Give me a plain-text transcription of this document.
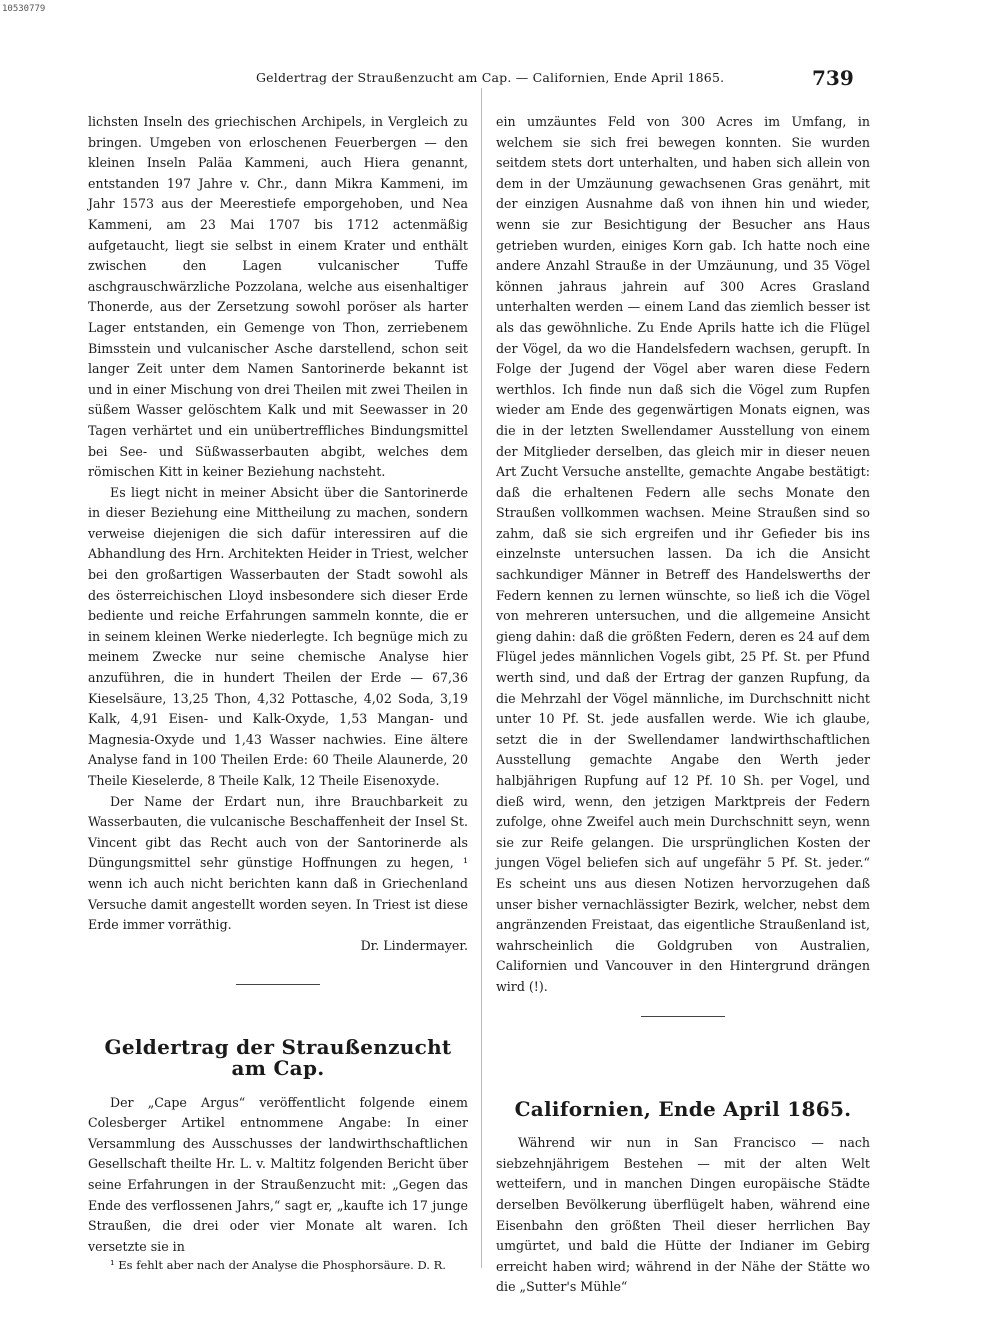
10530779
Geldertrag der Straußenzucht am Cap. — Californien, Ende April 1865.	739

lichsten Inseln des griechischen Archipels, in Vergleich zu bringen. Umgeben von erloschenen Feuerbergen — den kleinen Inseln Paläa Kammeni, auch Hiera genannt, entstanden 197 Jahre v. Chr., dann Mikra Kammeni, im Jahr 1573 aus der Meerestiefe emporgehoben, und Nea Kammeni, am 23 Mai 1707 bis 1712 actenmäßig aufgetaucht, liegt sie selbst in einem Krater und enthält zwischen den Lagen vulcanischer Tuffe aschgrauschwärzliche Pozzolana, welche aus eisenhaltiger Thonerde, aus der Zersetzung sowohl poröser als harter Lager entstanden, ein Gemenge von Thon, zerriebenem Bimsstein und vulcanischer Asche darstellend, schon seit langer Zeit unter dem Namen Santorinerde bekannt ist und in einer Mischung von drei Theilen mit zwei Theilen in süßem Wasser gelöschtem Kalk und mit Seewasser in 20 Tagen verhärtet und ein unübertreffliches Bindungsmittel bei See- und Süßwasserbauten abgibt, welches dem römischen Kitt in keiner Beziehung nachsteht.

Es liegt nicht in meiner Absicht über die Santorinerde in dieser Beziehung eine Mittheilung zu machen, sondern verweise diejenigen die sich dafür interessiren auf die Abhandlung des Hrn. Architekten Heider in Triest, welcher bei den großartigen Wasserbauten der Stadt sowohl als des österreichischen Lloyd insbesondere sich dieser Erde bediente und reiche Erfahrungen sammeln konnte, die er in seinem kleinen Werke niederlegte. Ich begnüge mich zu meinem Zwecke nur seine chemische Analyse hier anzuführen, die in hundert Theilen der Erde — 67,36 Kieselsäure, 13,25 Thon, 4,32 Pottasche, 4,02 Soda, 3,19 Kalk, 4,91 Eisen- und Kalk-Oxyde, 1,53 Mangan- und Magnesia-Oxyde und 1,43 Wasser nachwies. Eine ältere Analyse fand in 100 Theilen Erde: 60 Theile Alaunerde, 20 Theile Kieselerde, 8 Theile Kalk, 12 Theile Eisenoxyde.

Der Name der Erdart nun, ihre Brauchbarkeit zu Wasserbauten, die vulcanische Beschaffenheit der Insel St. Vincent gibt das Recht auch von der Santorinerde als Düngungsmittel sehr günstige Hoffnungen zu hegen, ¹ wenn ich auch nicht berichten kann daß in Griechenland Versuche damit angestellt worden seyen. In Triest ist diese Erde immer vorräthig.

Dr. Lindermayer.

Geldertrag der Straußenzucht am Cap.

Der „Cape Argus“ veröffentlicht folgende einem Colesberger Artikel entnommene Angabe: In einer Versammlung des Ausschusses der landwirthschaftlichen Gesellschaft theilte Hr. L. v. Maltitz folgenden Bericht über seine Erfahrungen in der Straußenzucht mit: „Gegen das Ende des verflossenen Jahrs,“ sagt er, „kaufte ich 17 junge Straußen, die drei oder vier Monate alt waren. Ich versetzte sie in

¹ Es fehlt aber nach der Analyse die Phosphorsäure. D. R.

ein umzäuntes Feld von 300 Acres im Umfang, in welchem sie sich frei bewegen konnten. Sie wurden seitdem stets dort unterhalten, und haben sich allein von dem in der Umzäunung gewachsenen Gras genährt, mit der einzigen Ausnahme daß von ihnen hin und wieder, wenn sie zur Besichtigung der Besucher ans Haus getrieben wurden, einiges Korn gab. Ich hatte noch eine andere Anzahl Strauße in der Umzäunung, und 35 Vögel können jahraus jahrein auf 300 Acres Grasland unterhalten werden — einem Land das ziemlich besser ist als das gewöhnliche. Zu Ende Aprils hatte ich die Flügel der Vögel, da wo die Handelsfedern wachsen, gerupft. In Folge der Jugend der Vögel aber waren diese Federn werthlos. Ich finde nun daß sich die Vögel zum Rupfen wieder am Ende des gegenwärtigen Monats eignen, was die in der letzten Swellendamer Ausstellung von einem der Mitglieder derselben, das gleich mir in dieser neuen Art Zucht Versuche anstellte, gemachte Angabe bestätigt: daß die erhaltenen Federn alle sechs Monate den Straußen vollkommen wachsen. Meine Straußen sind so zahm, daß sie sich ergreifen und ihr Gefieder bis ins einzelnste untersuchen lassen. Da ich die Ansicht sachkundiger Männer in Betreff des Handelswerths der Federn kennen zu lernen wünschte, so ließ ich die Vögel von mehreren untersuchen, und die allgemeine Ansicht gieng dahin: daß die größten Federn, deren es 24 auf dem Flügel jedes männlichen Vogels gibt, 25 Pf. St. per Pfund werth sind, und daß der Ertrag der ganzen Rupfung, da die Mehrzahl der Vögel männliche, im Durchschnitt nicht unter 10 Pf. St. jede ausfallen werde. Wie ich glaube, setzt die in der Swellendamer landwirthschaftlichen Ausstellung gemachte Angabe den Werth jeder halbjährigen Rupfung auf 12 Pf. 10 Sh. per Vogel, und dieß wird, wenn, den jetzigen Marktpreis der Federn zufolge, ohne Zweifel auch mein Durchschnitt seyn, wenn sie zur Reife gelangen. Die ursprünglichen Kosten der jungen Vögel beliefen sich auf ungefähr 5 Pf. St. jeder.“ Es scheint uns aus diesen Notizen hervorzugehen daß unser bisher vernachlässigter Bezirk, welcher, nebst dem angränzenden Freistaat, das eigentliche Straußenland ist, wahrscheinlich die Goldgruben von Australien, Californien und Vancouver in den Hintergrund drängen wird (!).

Californien, Ende April 1865.

Während wir nun in San Francisco — nach siebzehnjährigem Bestehen — mit der alten Welt wetteifern, und in manchen Dingen europäische Städte derselben Bevölkerung überflügelt haben, während eine Eisenbahn den größten Theil dieser herrlichen Bay umgürtet, und bald die Hütte der Indianer im Gebirg erreicht haben wird; während in der Nähe der Stätte wo die „Sutter's Mühle“
